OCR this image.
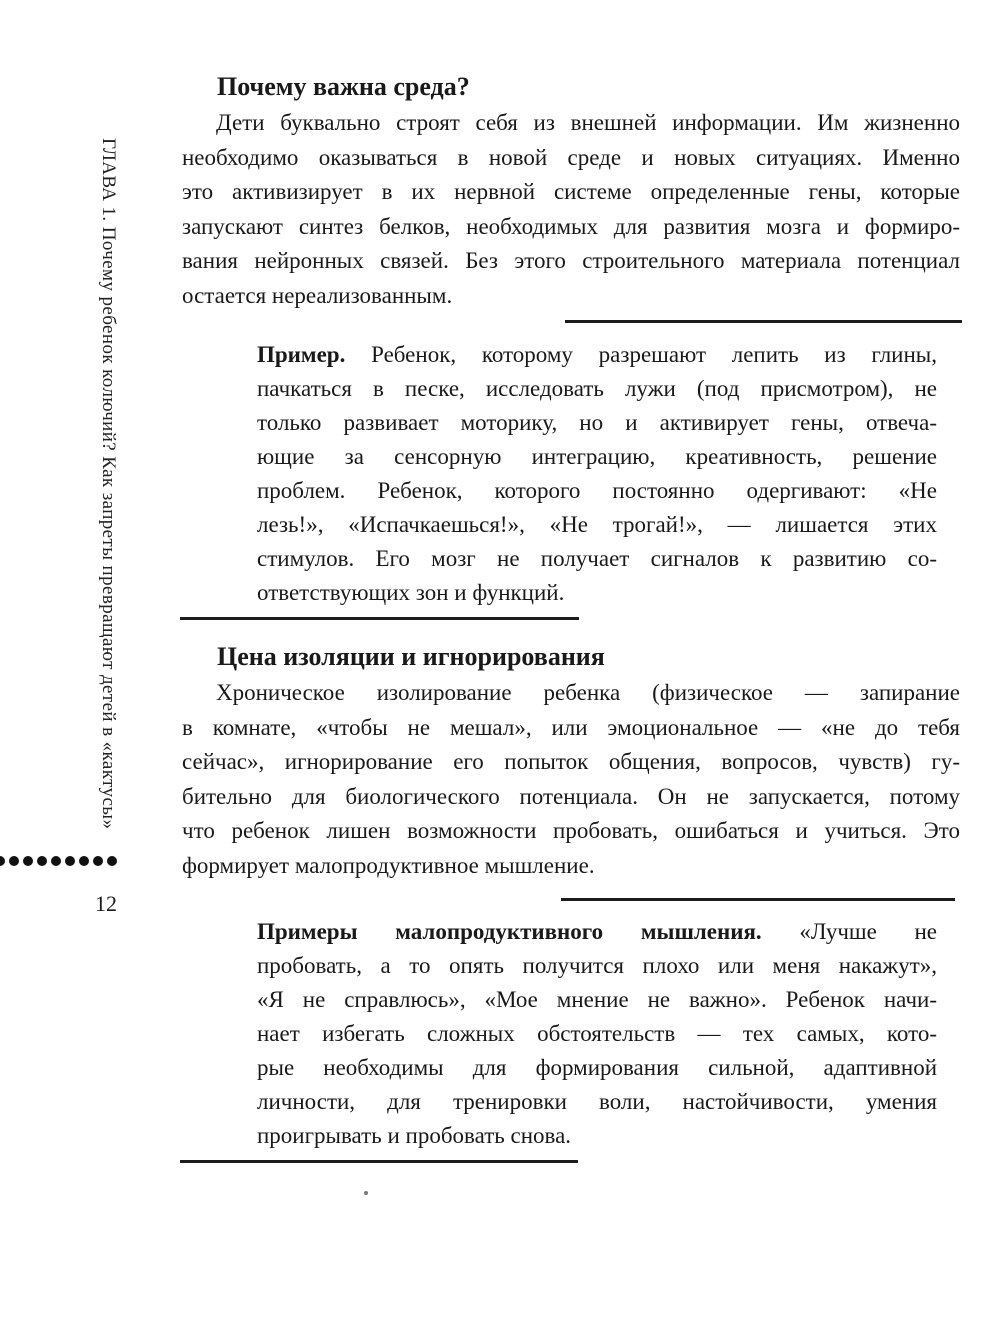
ГЛАВА 1. Почему ребенок колючий? Как запреты превращают детей в «кактусы»
12
Почему важна среда?
Дети буквально строят себя из внешней информации. Им жизненно
необходимо оказываться в новой среде и новых ситуациях. Именно
это активизирует в их нервной системе определенные гены, которые
запускают синтез белков, необходимых для развития мозга и формиро-
вания нейронных связей. Без этого строительного материала потенциал
остается нереализованным.
Пример. Ребенок, которому разрешают лепить из глины,
пачкаться в песке, исследовать лужи (под присмотром), не
только развивает моторику, но и активирует гены, отвеча-
ющие за сенсорную интеграцию, креативность, решение
проблем. Ребенок, которого постоянно одергивают: «Не
лезь!», «Испачкаешься!», «Не трогай!», — лишается этих
стимулов. Его мозг не получает сигналов к развитию со-
ответствующих зон и функций.
Цена изоляции и игнорирования
Хроническое изолирование ребенка (физическое — запирание
в комнате, «чтобы не мешал», или эмоциональное — «не до тебя
сейчас», игнорирование его попыток общения, вопросов, чувств) гу-
бительно для биологического потенциала. Он не запускается, потому
что ребенок лишен возможности пробовать, ошибаться и учиться. Это
формирует малопродуктивное мышление.
Примеры малопродуктивного мышления. «Лучше не
пробовать, а то опять получится плохо или меня накажут»,
«Я не справлюсь», «Мое мнение не важно». Ребенок начи-
нает избегать сложных обстоятельств — тех самых, кото-
рые необходимы для формирования сильной, адаптивной
личности, для тренировки воли, настойчивости, умения
проигрывать и пробовать снова.
